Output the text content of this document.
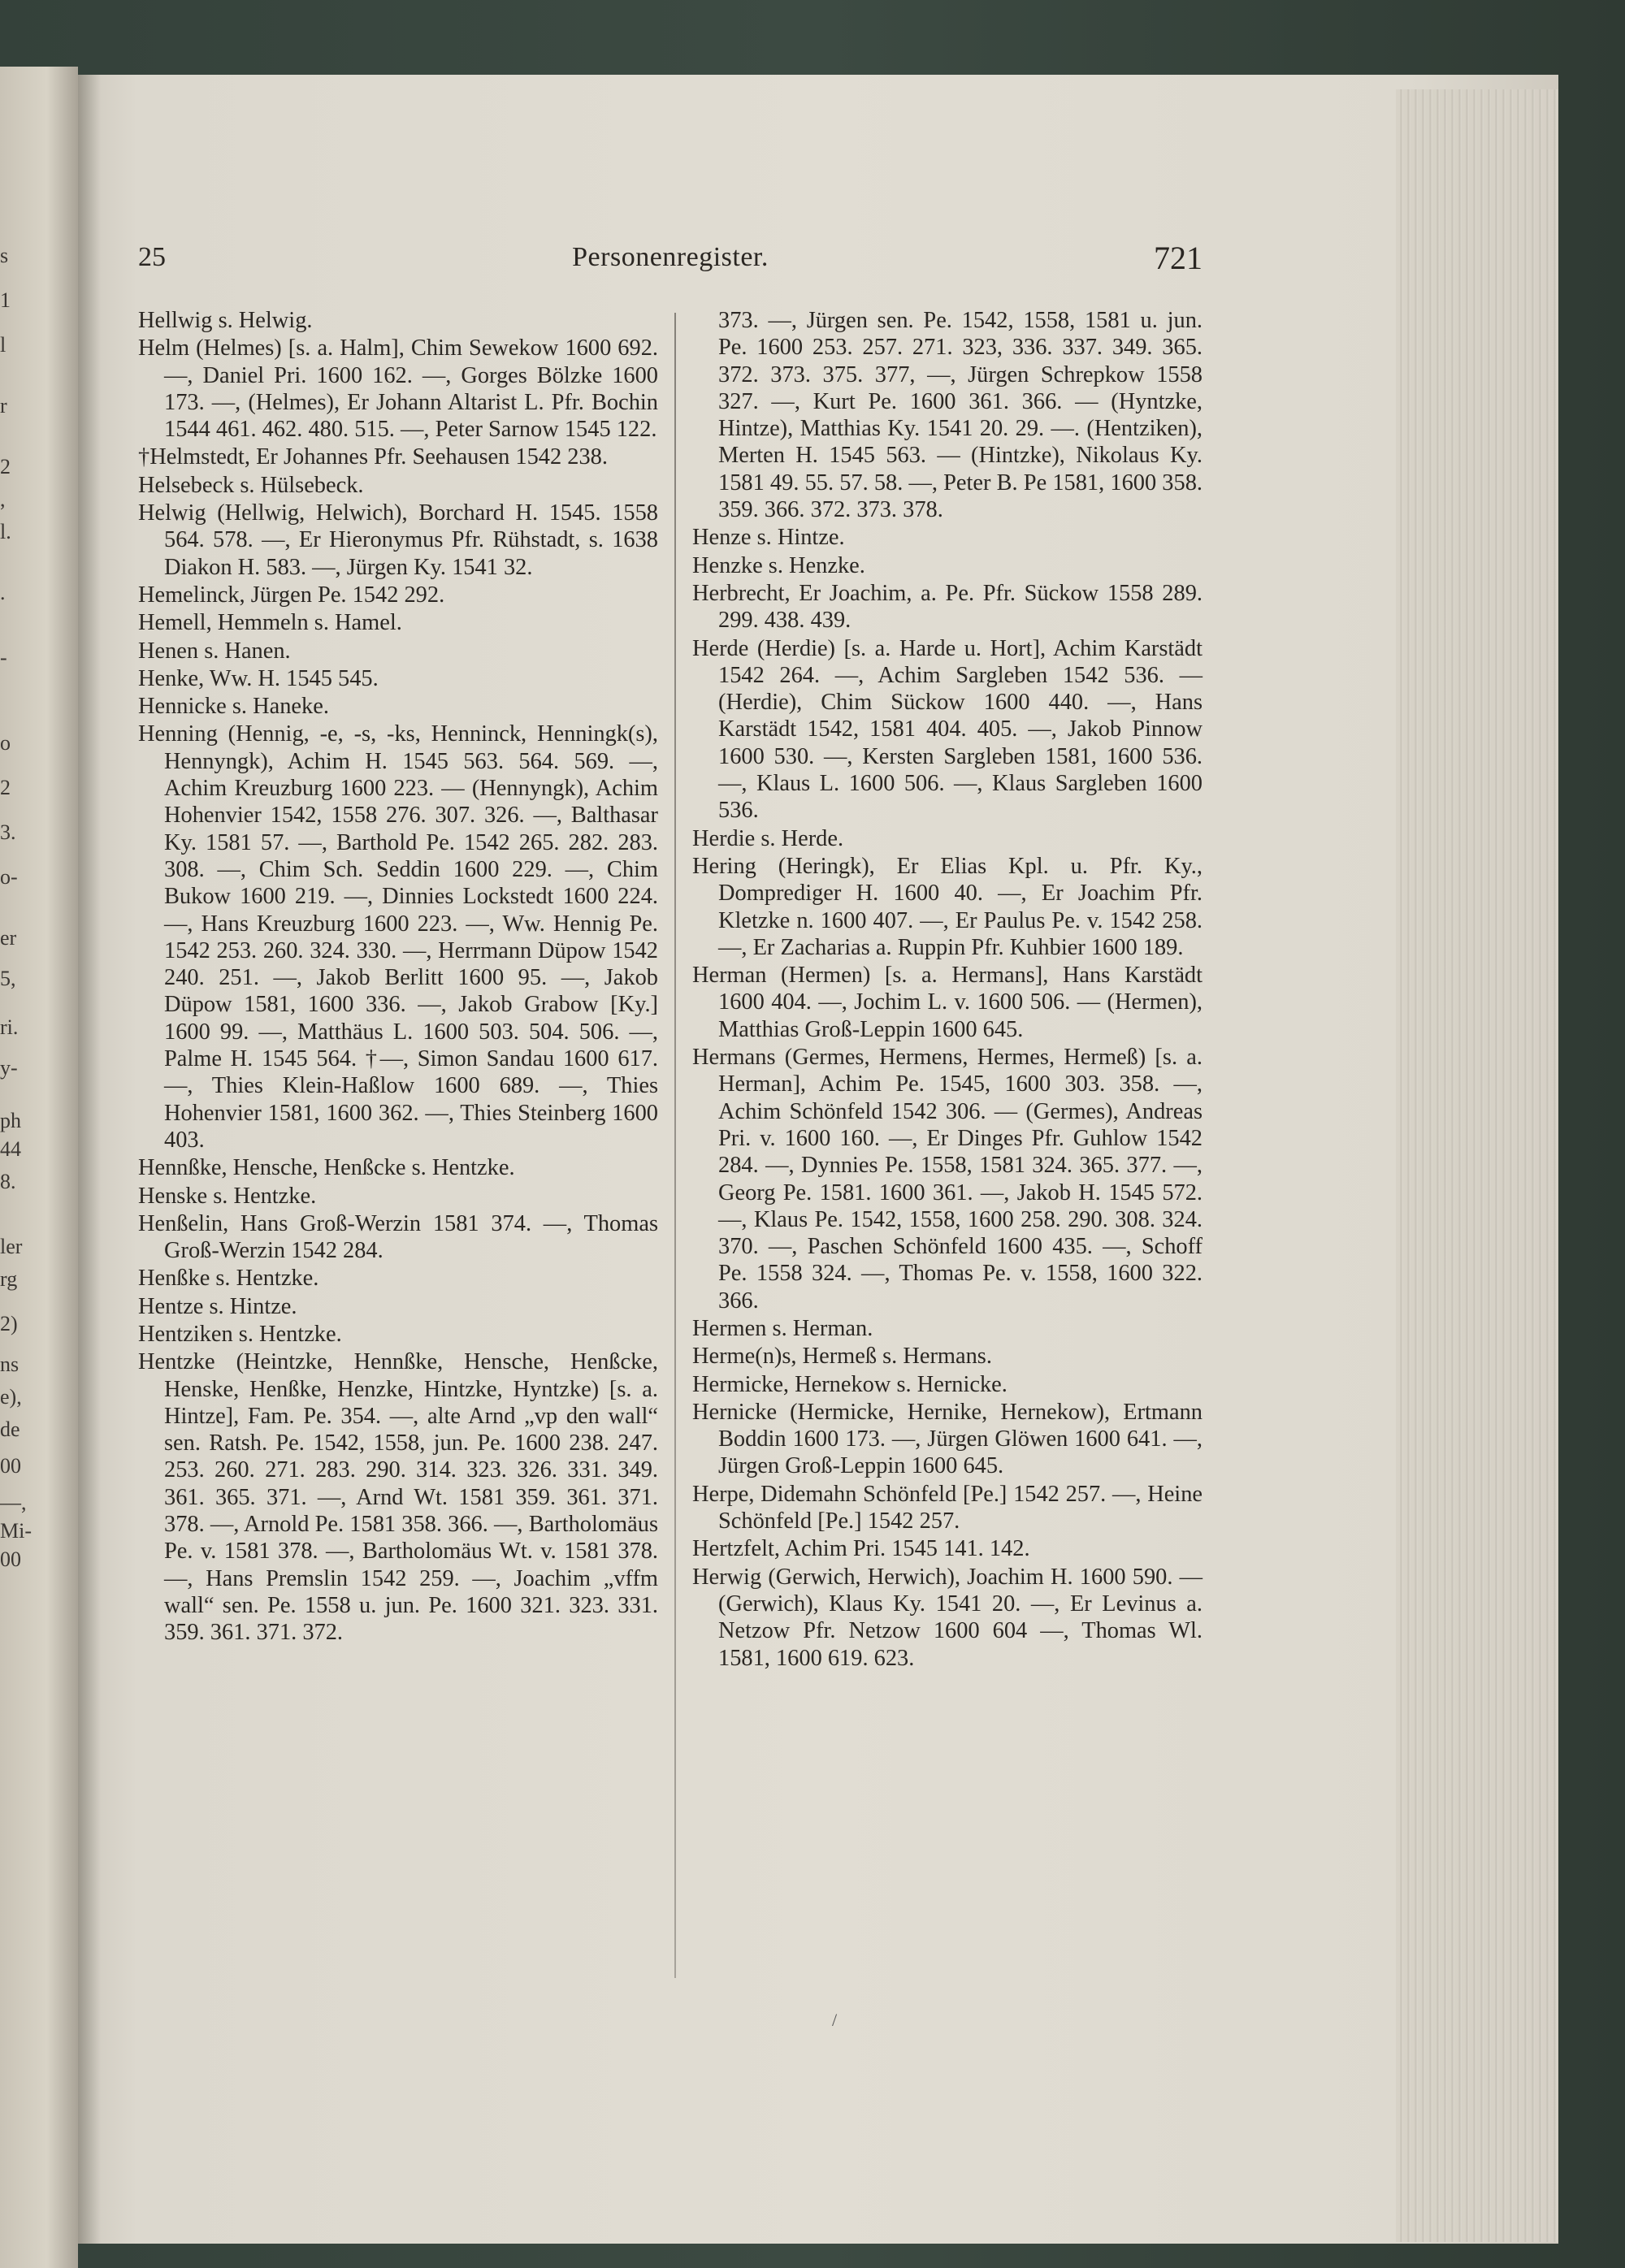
s
1
l
r
2
,
l.
.
-
o
2
3.
o-
er
5,
ri.
y-
ph
44
8.
ler
rg
2)
ns
e),
de
00
—,
Mi-
00
25	Personenregister.	721

Hellwig s. Helwig.

Helm (Helmes) [s. a. Halm], Chim Sewekow 1600 692. —, Daniel Pri. 1600 162. —, Gorges Bölzke 1600 173. —, (Helmes), Er Johann Altarist L. Pfr. Bochin 1544 461. 462. 480. 515. —, Peter Sarnow 1545 122.

†Helmstedt, Er Johannes Pfr. Seehausen 1542 238.

Helsebeck s. Hülsebeck.

Helwig (Hellwig, Helwich), Borchard H. 1545. 1558 564. 578. —, Er Hieronymus Pfr. Rühstadt, s. 1638 Diakon H. 583. —, Jürgen Ky. 1541 32.

Hemelinck, Jürgen Pe. 1542 292.

Hemell, Hemmeln s. Hamel.

Henen s. Hanen.

Henke, Ww. H. 1545 545.

Hennicke s. Haneke.

Henning (Hennig, -e, -s, -ks, Henninck, Henningk(s), Hennyngk), Achim H. 1545 563. 564. 569. —, Achim Kreuzburg 1600 223. — (Hennyngk), Achim Hohenvier 1542, 1558 276. 307. 326. —, Balthasar Ky. 1581 57. —, Barthold Pe. 1542 265. 282. 283. 308. —, Chim Sch. Seddin 1600 229. —, Chim Bukow 1600 219. —, Dinnies Lockstedt 1600 224. —, Hans Kreuzburg 1600 223. —, Ww. Hennig Pe. 1542 253. 260. 324. 330. —, Herrmann Düpow 1542 240. 251. —, Jakob Berlitt 1600 95. —, Jakob Düpow 1581, 1600 336. —, Jakob Grabow [Ky.] 1600 99. —, Matthäus L. 1600 503. 504. 506. —, Palme H. 1545 564. †—, Simon Sandau 1600 617. —, Thies Klein-Haßlow 1600 689. —, Thies Hohenvier 1581, 1600 362. —, Thies Steinberg 1600 403.

Hennßke, Hensche, Henßcke s. Hentzke.

Henske s. Hentzke.

Henßelin, Hans Groß-Werzin 1581 374. —, Thomas Groß-Werzin 1542 284.

Henßke s. Hentzke.

Hentze s. Hintze.

Hentziken s. Hentzke.

Hentzke (Heintzke, Hennßke, Hensche, Henßcke, Henske, Henßke, Henzke, Hintzke, Hyntzke) [s. a. Hintze], Fam. Pe. 354. —, alte Arnd „vp den wall“ sen. Ratsh. Pe. 1542, 1558, jun. Pe. 1600 238. 247. 253. 260. 271. 283. 290. 314. 323. 326. 331. 349. 361. 365. 371. —, Arnd Wt. 1581 359. 361. 371. 378. —, Arnold Pe. 1581 358. 366. —, Bartholomäus Pe. v. 1581 378. —, Bartholomäus Wt. v. 1581 378. —, Hans Premslin 1542 259. —, Joachim „vffm wall“ sen. Pe. 1558 u. jun. Pe. 1600 321. 323. 331. 359. 361. 371. 372.

373. —, Jürgen sen. Pe. 1542, 1558, 1581 u. jun. Pe. 1600 253. 257. 271. 323, 336. 337. 349. 365. 372. 373. 375. 377, —, Jürgen Schrepkow 1558 327. —, Kurt Pe. 1600 361. 366. — (Hyntzke, Hintze), Matthias Ky. 1541 20. 29. —. (Hentziken), Merten H. 1545 563. — (Hintzke), Nikolaus Ky. 1581 49. 55. 57. 58. —, Peter B. Pe 1581, 1600 358. 359. 366. 372. 373. 378.

Henze s. Hintze.

Henzke s. Henzke.

Herbrecht, Er Joachim, a. Pe. Pfr. Sückow 1558 289. 299. 438. 439.

Herde (Herdie) [s. a. Harde u. Hort], Achim Karstädt 1542 264. —, Achim Sargleben 1542 536. — (Herdie), Chim Sückow 1600 440. —, Hans Karstädt 1542, 1581 404. 405. —, Jakob Pinnow 1600 530. —, Kersten Sargleben 1581, 1600 536. —, Klaus L. 1600 506. —, Klaus Sargleben 1600 536.

Herdie s. Herde.

Hering (Heringk), Er Elias Kpl. u. Pfr. Ky., Domprediger H. 1600 40. —, Er Joachim Pfr. Kletzke n. 1600 407. —, Er Paulus Pe. v. 1542 258. —, Er Zacharias a. Ruppin Pfr. Kuhbier 1600 189.

Herman (Hermen) [s. a. Hermans], Hans Karstädt 1600 404. —, Jochim L. v. 1600 506. — (Hermen), Matthias Groß-Leppin 1600 645.

Hermans (Germes, Hermens, Hermes, Hermeß) [s. a. Herman], Achim Pe. 1545, 1600 303. 358. —, Achim Schönfeld 1542 306. — (Germes), Andreas Pri. v. 1600 160. —, Er Dinges Pfr. Guhlow 1542 284. —, Dynnies Pe. 1558, 1581 324. 365. 377. —, Georg Pe. 1581. 1600 361. —, Jakob H. 1545 572. —, Klaus Pe. 1542, 1558, 1600 258. 290. 308. 324. 370. —, Paschen Schönfeld 1600 435. —, Schoff Pe. 1558 324. —, Thomas Pe. v. 1558, 1600 322. 366.

Hermen s. Herman.

Herme(n)s, Hermeß s. Hermans.

Hermicke, Hernekow s. Hernicke.

Hernicke (Hermicke, Hernike, Hernekow), Ertmann Boddin 1600 173. —, Jürgen Glöwen 1600 641. —, Jürgen Groß-Leppin 1600 645.

Herpe, Didemahn Schönfeld [Pe.] 1542 257. —, Heine Schönfeld [Pe.] 1542 257.

Hertzfelt, Achim Pri. 1545 141. 142.

Herwig (Gerwich, Herwich), Joachim H. 1600 590. — (Gerwich), Klaus Ky. 1541 20. —, Er Levinus a. Netzow Pfr. Netzow 1600 604 —, Thomas Wl. 1581, 1600 619. 623.

/
